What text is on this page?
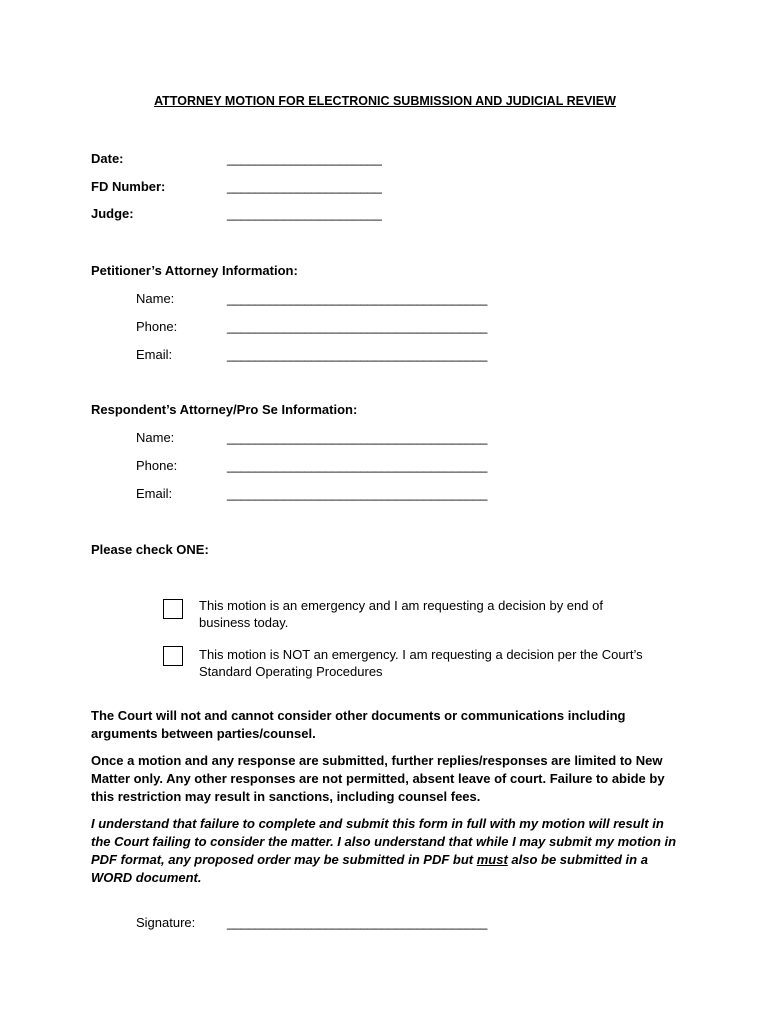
ATTORNEY MOTION FOR ELECTRONIC SUBMISSION AND JUDICIAL REVIEW
Date:	______________________
FD Number:	______________________
Judge:	______________________
Petitioner’s Attorney Information:
Name:	_____________________________________
Phone:	_____________________________________
Email:	_____________________________________
Respondent’s Attorney/Pro Se Information:
Name:	_____________________________________
Phone:	_____________________________________
Email:	_____________________________________
Please check ONE:
This motion is an emergency and I am requesting a decision by end of business today.
This motion is NOT an emergency. I am requesting a decision per the Court’s Standard Operating Procedures
The Court will not and cannot consider other documents or communications including arguments between parties/counsel.
Once a motion and any response are submitted, further replies/responses are limited to New Matter only. Any other responses are not permitted, absent leave of court. Failure to abide by this restriction may result in sanctions, including counsel fees.
I understand that failure to complete and submit this form in full with my motion will result in the Court failing to consider the matter. I also understand that while I may submit my motion in PDF format, any proposed order may be submitted in PDF but must also be submitted in a WORD document.
Signature: _____________________________________
